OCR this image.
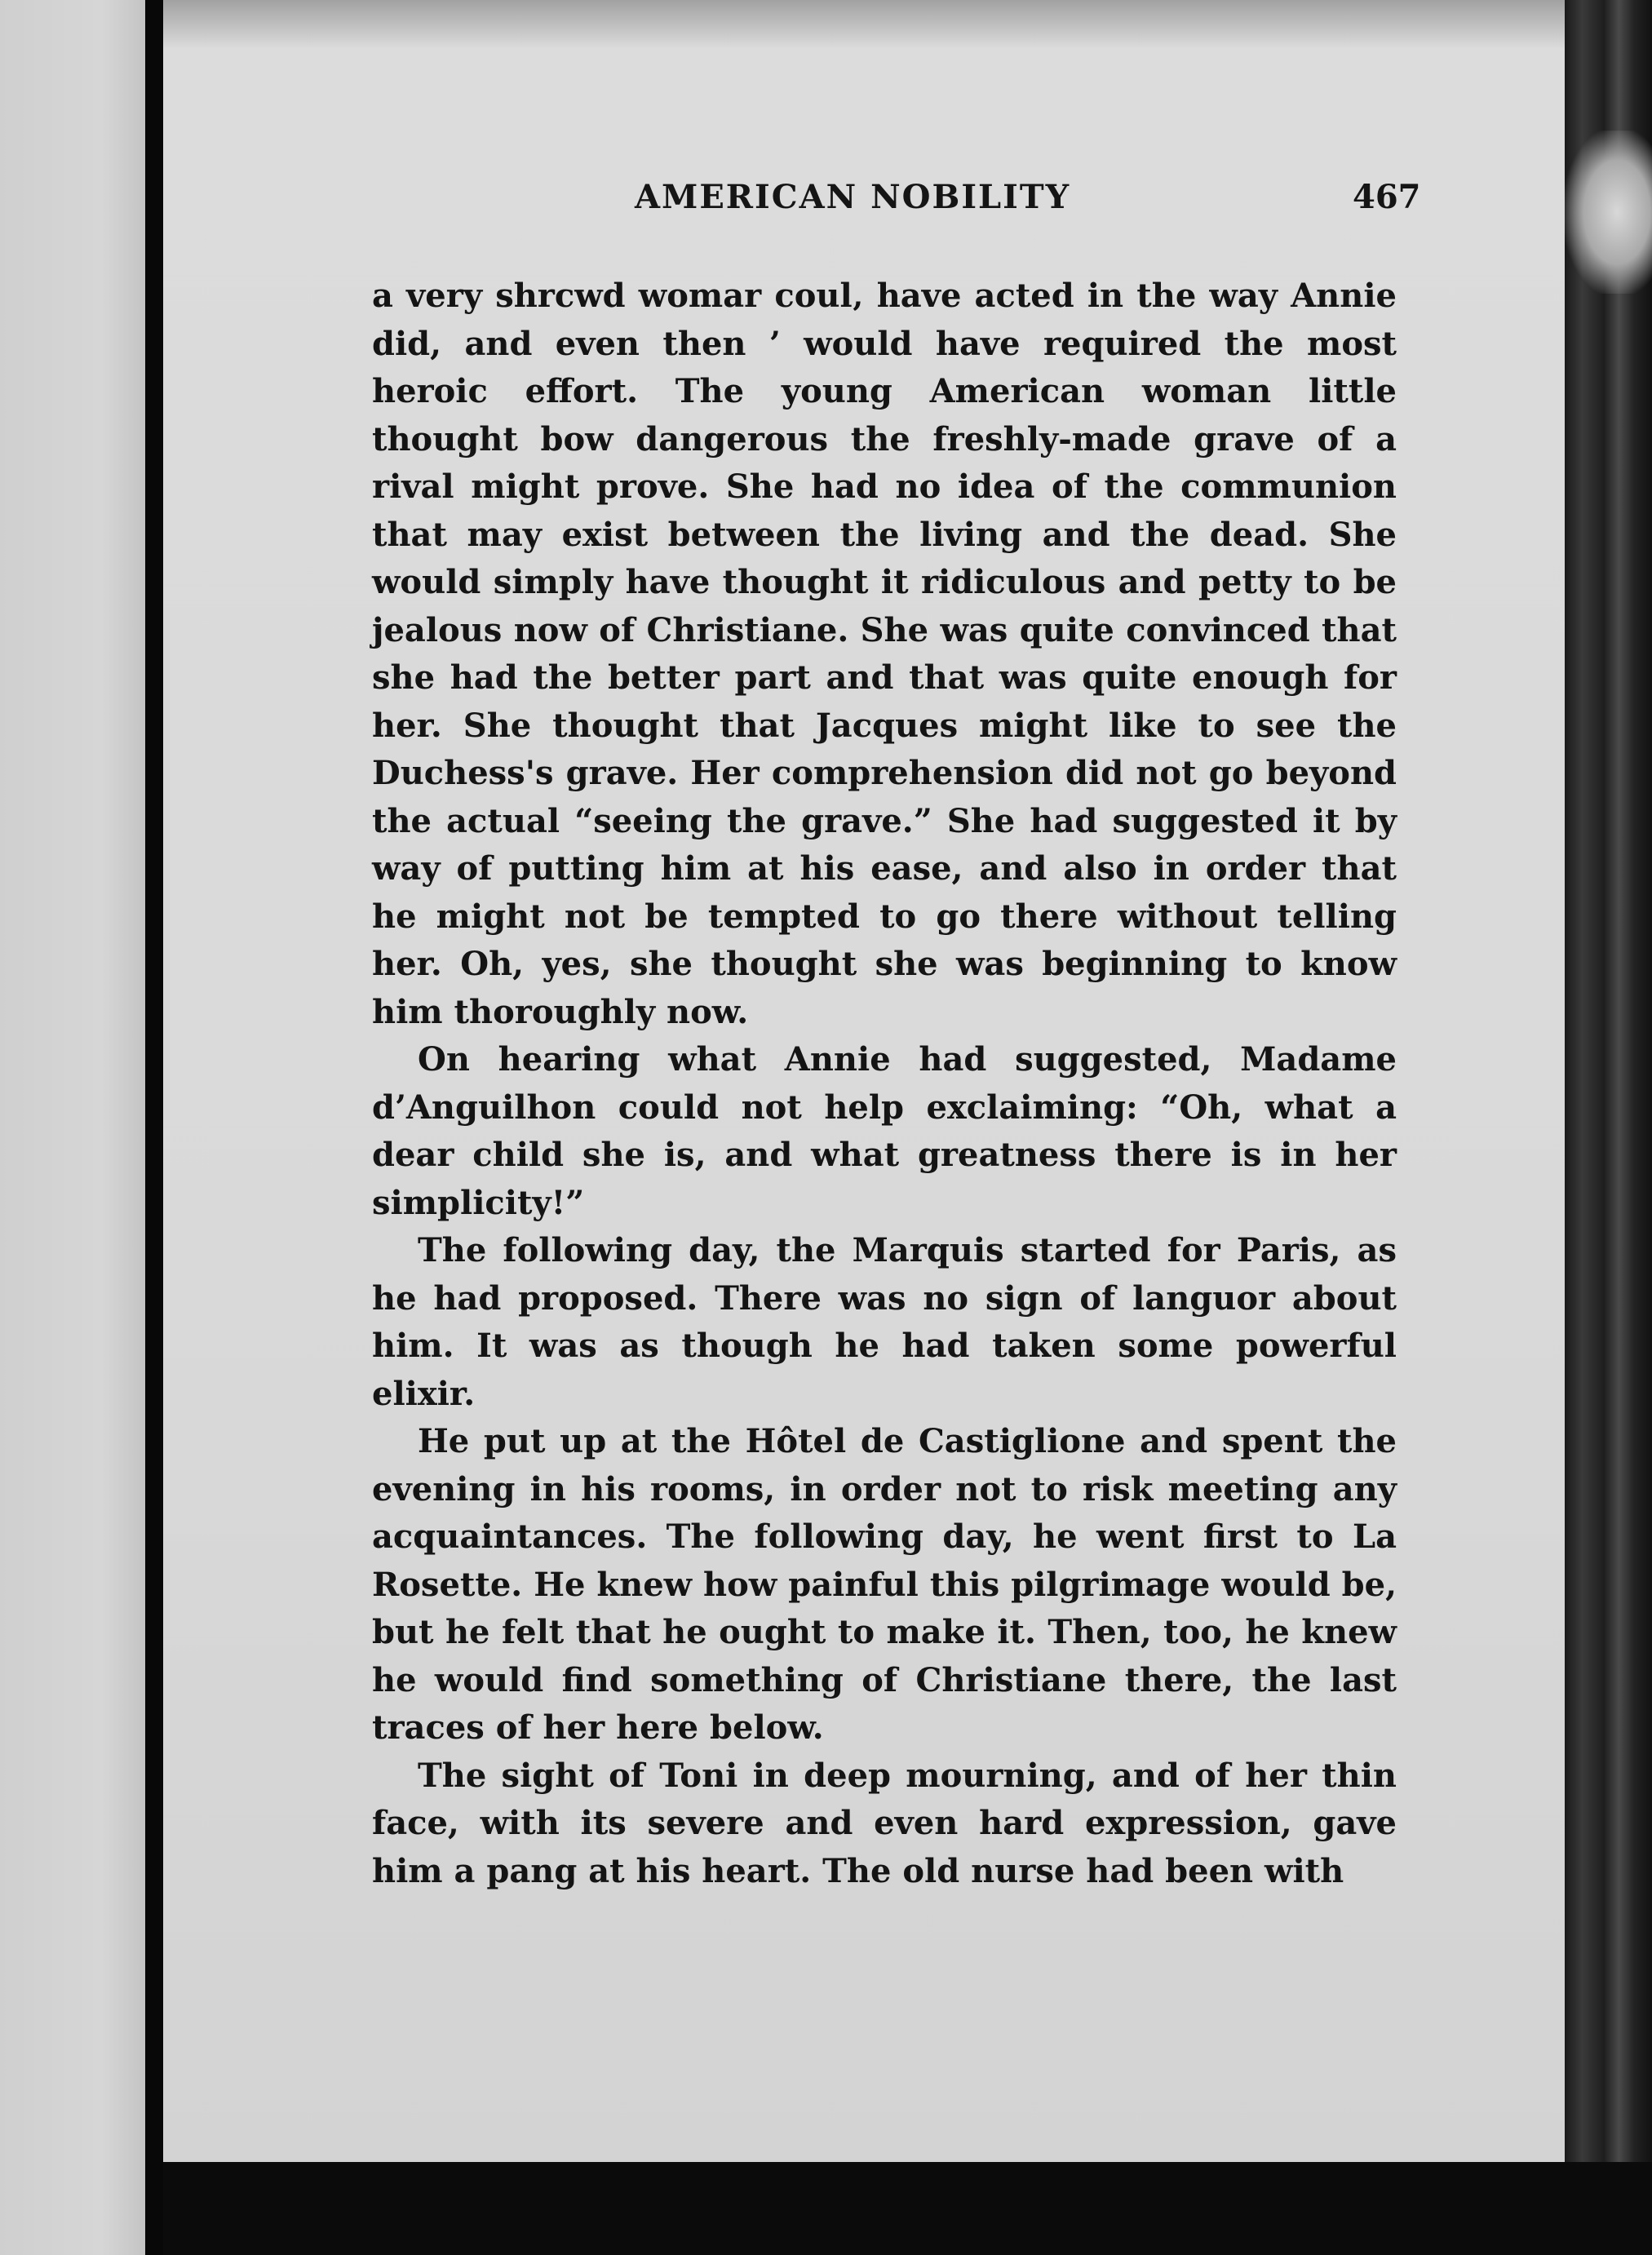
AMERICAN NOBILITY	467

a very shrcwd womar coul‚ have acted in the way Annie did, and even then ’ would have required the most heroic effort. The young American woman little thought bow dangerous the freshly-made grave of a rival might prove. She had no idea of the communion that may exist between the living and the dead. She would simply have thought it ridiculous and petty to be jealous now of Christiane. She was quite convinced that she had the better part and that was quite enough for her. She thought that Jacques might like to see the Duchess's grave. Her comprehension did not go beyond the actual “seeing the grave.” She had suggested it by way of putting him at his ease, and also in order that he might not be tempted to go there without telling her. Oh, yes, she thought she was beginning to know him thoroughly now.

On hearing what Annie had suggested, Madame d’Anguilhon could not help exclaiming: “Oh, what a dear child she is, and what greatness there is in her simplicity!”

The following day, the Marquis started for Paris, as he had proposed. There was no sign of languor about him. It was as though he had taken some powerful elixir.

He put up at the Hôtel de Castiglione and spent the evening in his rooms, in order not to risk meeting any acquaintances. The following day, he went first to La Rosette. He knew how painful this pilgrimage would be, but he felt that he ought to make it. Then, too, he knew he would find something of Christiane there, the last traces of her here below.

The sight of Toni in deep mourning, and of her thin face, with its severe and even hard expression, gave him a pang at his heart. The old nurse had been with
